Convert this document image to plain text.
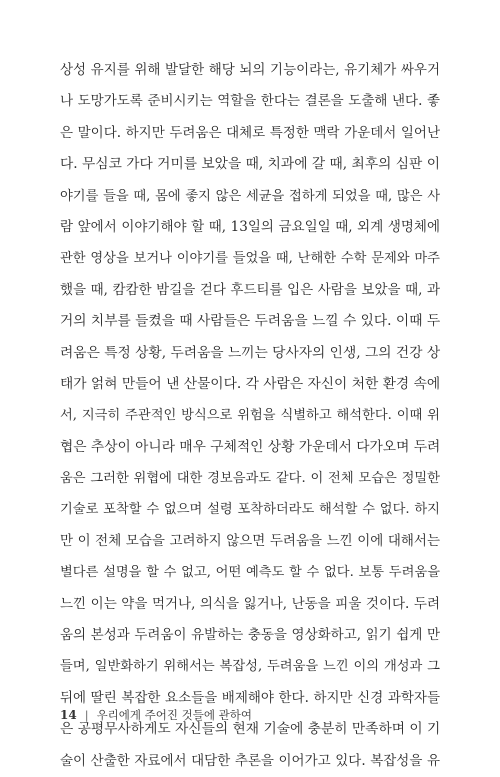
상성 유지를 위해 발달한 해당 뇌의 기능이라는, 유기체가 싸우거
나 도망가도록 준비시키는 역할을 한다는 결론을 도출해 낸다. 좋
은 말이다. 하지만 두려움은 대체로 특정한 맥락 가운데서 일어난
다. 무심코 가다 거미를 보았을 때, 치과에 갈 때, 최후의 심판 이
야기를 들을 때, 몸에 좋지 않은 세균을 접하게 되었을 때, 많은 사
람 앞에서 이야기해야 할 때, 13일의 금요일일 때, 외계 생명체에
관한 영상을 보거나 이야기를 들었을 때, 난해한 수학 문제와 마주
했을 때, 캄캄한 밤길을 걷다 후드티를 입은 사람을 보았을 때, 과
거의 치부를 들켰을 때 사람들은 두려움을 느낄 수 있다. 이때 두
려움은 특정 상황, 두려움을 느끼는 당사자의 인생, 그의 건강 상
태가 얽혀 만들어 낸 산물이다. 각 사람은 자신이 처한 환경 속에
서, 지극히 주관적인 방식으로 위험을 식별하고 해석한다. 이때 위
협은 추상이 아니라 매우 구체적인 상황 가운데서 다가오며 두려
움은 그러한 위협에 대한 경보음과도 같다. 이 전체 모습은 정밀한
기술로 포착할 수 없으며 설령 포착하더라도 해석할 수 없다. 하지
만 이 전체 모습을 고려하지 않으면 두려움을 느낀 이에 대해서는
별다른 설명을 할 수 없고, 어떤 예측도 할 수 없다. 보통 두려움을
느낀 이는 약을 먹거나, 의식을 잃거나, 난동을 피울 것이다. 두려
움의 본성과 두려움이 유발하는 충동을 영상화하고, 읽기 쉽게 만
들며, 일반화하기 위해서는 복잡성, 두려움을 느낀 이의 개성과 그
뒤에 딸린 복잡한 요소들을 배제해야 한다. 하지만 신경 과학자들
은 공평무사하게도 자신들의 현재 기술에 충분히 만족하며 이 기
술이 산출한 자료에서 대담한 추론을 이어가고 있다. 복잡성을 유
14 | 우리에게 주어진 것들에 관하여
